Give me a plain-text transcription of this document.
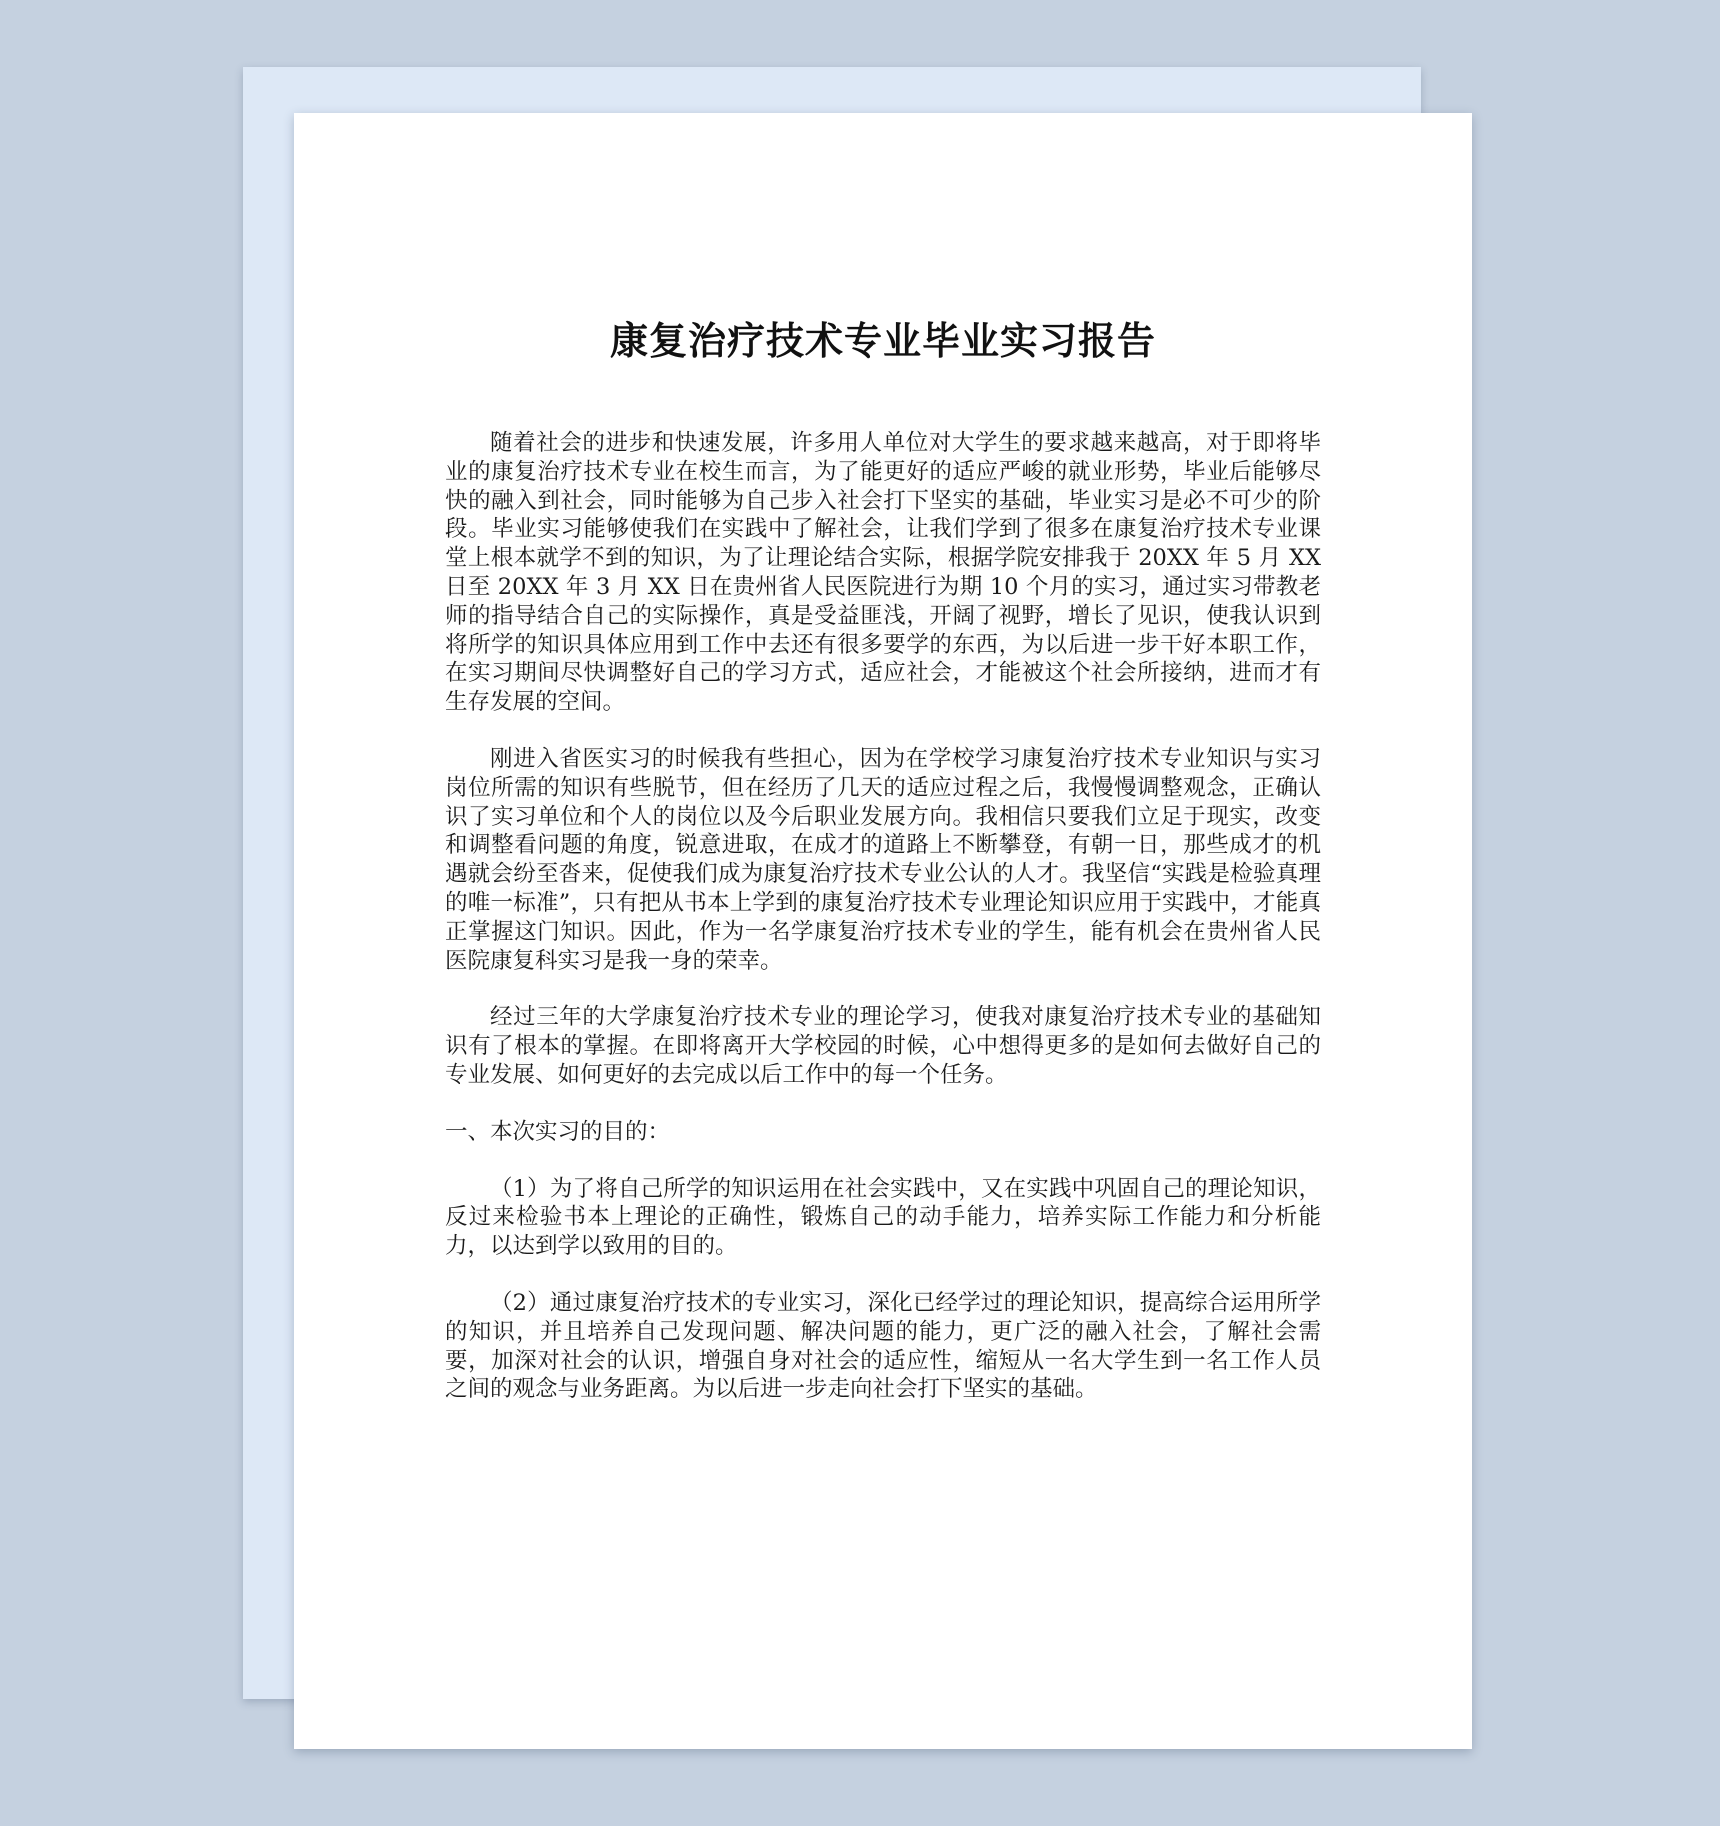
康复治疗技术专业毕业实习报告

随着社会的进步和快速发展，许多用人单位对大学生的要求越来越高，对于即将毕业的康复治疗技术专业在校生而言，为了能更好的适应严峻的就业形势，毕业后能够尽快的融入到社会，同时能够为自己步入社会打下坚实的基础，毕业实习是必不可少的阶段。毕业实习能够使我们在实践中了解社会，让我们学到了很多在康复治疗技术专业课堂上根本就学不到的知识，为了让理论结合实际，根据学院安排我于 20XX 年 5 月 XX 日至 20XX 年 3 月 XX 日在贵州省人民医院进行为期 10 个月的实习，通过实习带教老师的指导结合自己的实际操作，真是受益匪浅，开阔了视野，增长了见识，使我认识到将所学的知识具体应用到工作中去还有很多要学的东西，为以后进一步干好本职工作，在实习期间尽快调整好自己的学习方式，适应社会，才能被这个社会所接纳，进而才有生存发展的空间。

刚进入省医实习的时候我有些担心，因为在学校学习康复治疗技术专业知识与实习岗位所需的知识有些脱节，但在经历了几天的适应过程之后，我慢慢调整观念，正确认识了实习单位和个人的岗位以及今后职业发展方向。我相信只要我们立足于现实，改变和调整看问题的角度，锐意进取，在成才的道路上不断攀登，有朝一日，那些成才的机遇就会纷至沓来，促使我们成为康复治疗技术专业公认的人才。我坚信“实践是检验真理的唯一标准”，只有把从书本上学到的康复治疗技术专业理论知识应用于实践中，才能真正掌握这门知识。因此，作为一名学康复治疗技术专业的学生，能有机会在贵州省人民医院康复科实习是我一身的荣幸。

经过三年的大学康复治疗技术专业的理论学习，使我对康复治疗技术专业的基础知识有了根本的掌握。在即将离开大学校园的时候，心中想得更多的是如何去做好自己的专业发展、如何更好的去完成以后工作中的每一个任务。

一、本次实习的目的：

（1）为了将自己所学的知识运用在社会实践中，又在实践中巩固自己的理论知识，反过来检验书本上理论的正确性，锻炼自己的动手能力，培养实际工作能力和分析能力，以达到学以致用的目的。

（2）通过康复治疗技术的专业实习，深化已经学过的理论知识，提高综合运用所学的知识，并且培养自己发现问题、解决问题的能力，更广泛的融入社会，了解社会需要，加深对社会的认识，增强自身对社会的适应性，缩短从一名大学生到一名工作人员之间的观念与业务距离。为以后进一步走向社会打下坚实的基础。
